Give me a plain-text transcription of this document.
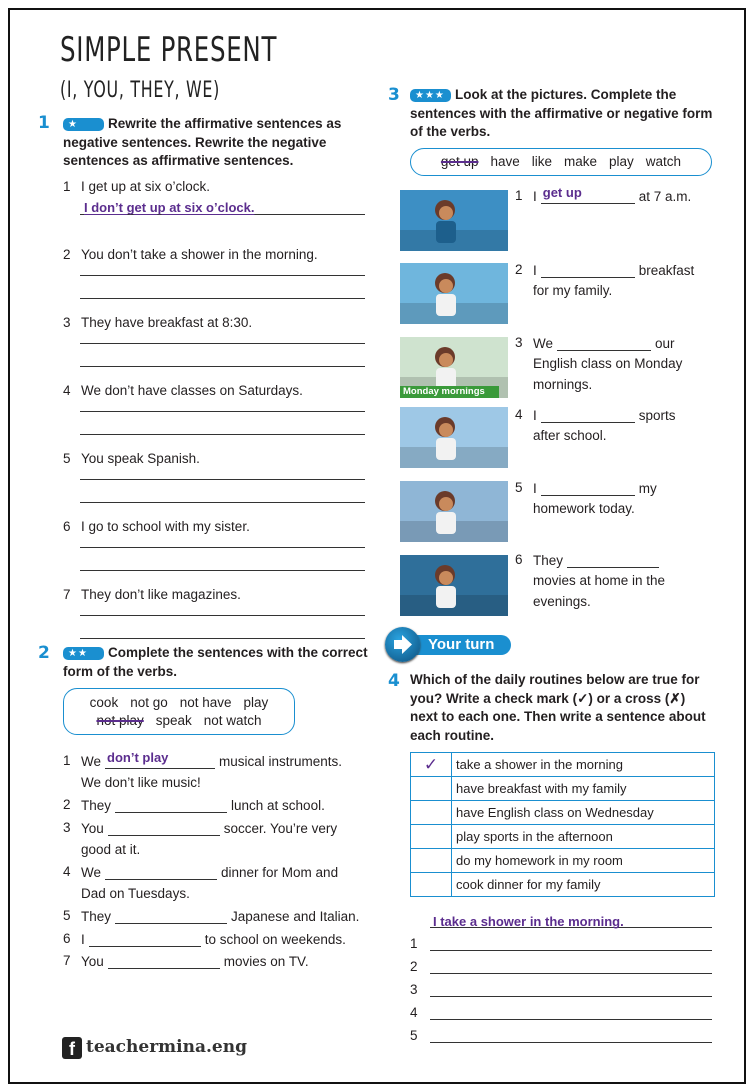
SIMPLE PRESENT
(I, YOU, THEY, WE)
1	★	Rewrite the affirmative sentences as negative sentences. Rewrite the negative sentences as affirmative sentences.
2	★★	Complete the sentences with the correct form of the verbs.
cook not go not have play
not play speak not watch
f teachermina.eng
3	★★★ Look at the pictures. Complete the sentences with the affirmative or negative form of the verbs.
get up have like make play watch
Your turn
4 Which of the daily routines below are true for you? Write a check mark (✓) or a cross (✗) next to each one. Then write a sentence about each routine.
✓	take a shower in the morning
	have breakfast with my family
	have English class on Wednesday
	play sports in the afternoon
	do my homework in my room
	cook dinner for my family
I take a shower in the morning.
1 I get up at six o’clock.
I don’t get up at six o’clock.
2 You don’t take a shower in the morning.
3 They have breakfast at 8:30.
4 We don’t have classes on Saturdays.
5 You speak Spanish.
6 I go to school with my sister.
7 They don’t like magazines.
1 We don’t play	musical instruments.
We don’t like music!
2 They	lunch at school.
3 You	soccer. You’re very
good at it.
4 We	dinner for Mom and
Dad on Tuesdays.
5 They	Japanese and Italian.
6 I	to school on weekends.
7 You	movies on TV.
1 I get up	at 7 a.m.
2 I	breakfast
for my family.
Monday mornings
3 We	our
English class on Monday
mornings.
4 I	sports
after school.
5 I	my
homework today.
6 They
movies at home in the
evenings.
1
2
3
4
5
